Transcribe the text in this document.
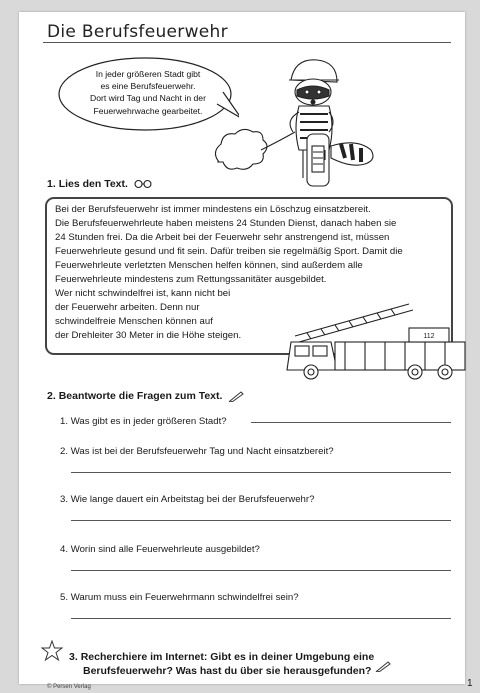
Die Berufsfeuerwehr
In jeder größeren Stadt gibt
es eine Berufsfeuerwehr.
Dort wird Tag und Nacht in der
Feuerwehrwache gearbeitet.
1. Lies den Text.
Bei der Berufsfeuerwehr ist immer mindestens ein Löschzug einsatzbereit.
Die Berufsfeuerwehrleute haben meistens 24 Stunden Dienst, danach haben sie
24 Stunden frei. Da die Arbeit bei der Feuerwehr sehr anstrengend ist, müssen
Feuerwehrleute gesund und fit sein. Dafür treiben sie regelmäßig Sport. Damit die
Feuerwehrleute verletzten Menschen helfen können, sind außerdem alle
Feuerwehrleute mindestens zum Rettungssanitäter ausgebildet.
Wer nicht schwindelfrei ist, kann nicht bei
der Feuerwehr arbeiten. Denn nur
schwindelfreie Menschen können auf
der Drehleiter 30 Meter in die Höhe steigen.	112
2. Beantworte die Fragen zum Text.
1. Was gibt es in jeder größeren Stadt?
2. Was ist bei der Berufsfeuerwehr Tag und Nacht einsatzbereit?
3. Wie lange dauert ein Arbeitstag bei der Berufsfeuerwehr?
4. Worin sind alle Feuerwehrleute ausgebildet?
5. Warum muss ein Feuerwehrmann schwindelfrei sein?
3. Recherchiere im Internet: Gibt es in deiner Umgebung eine
Berufsfeuerwehr? Was hast du über sie herausgefunden?
© Persen Verlag	1
